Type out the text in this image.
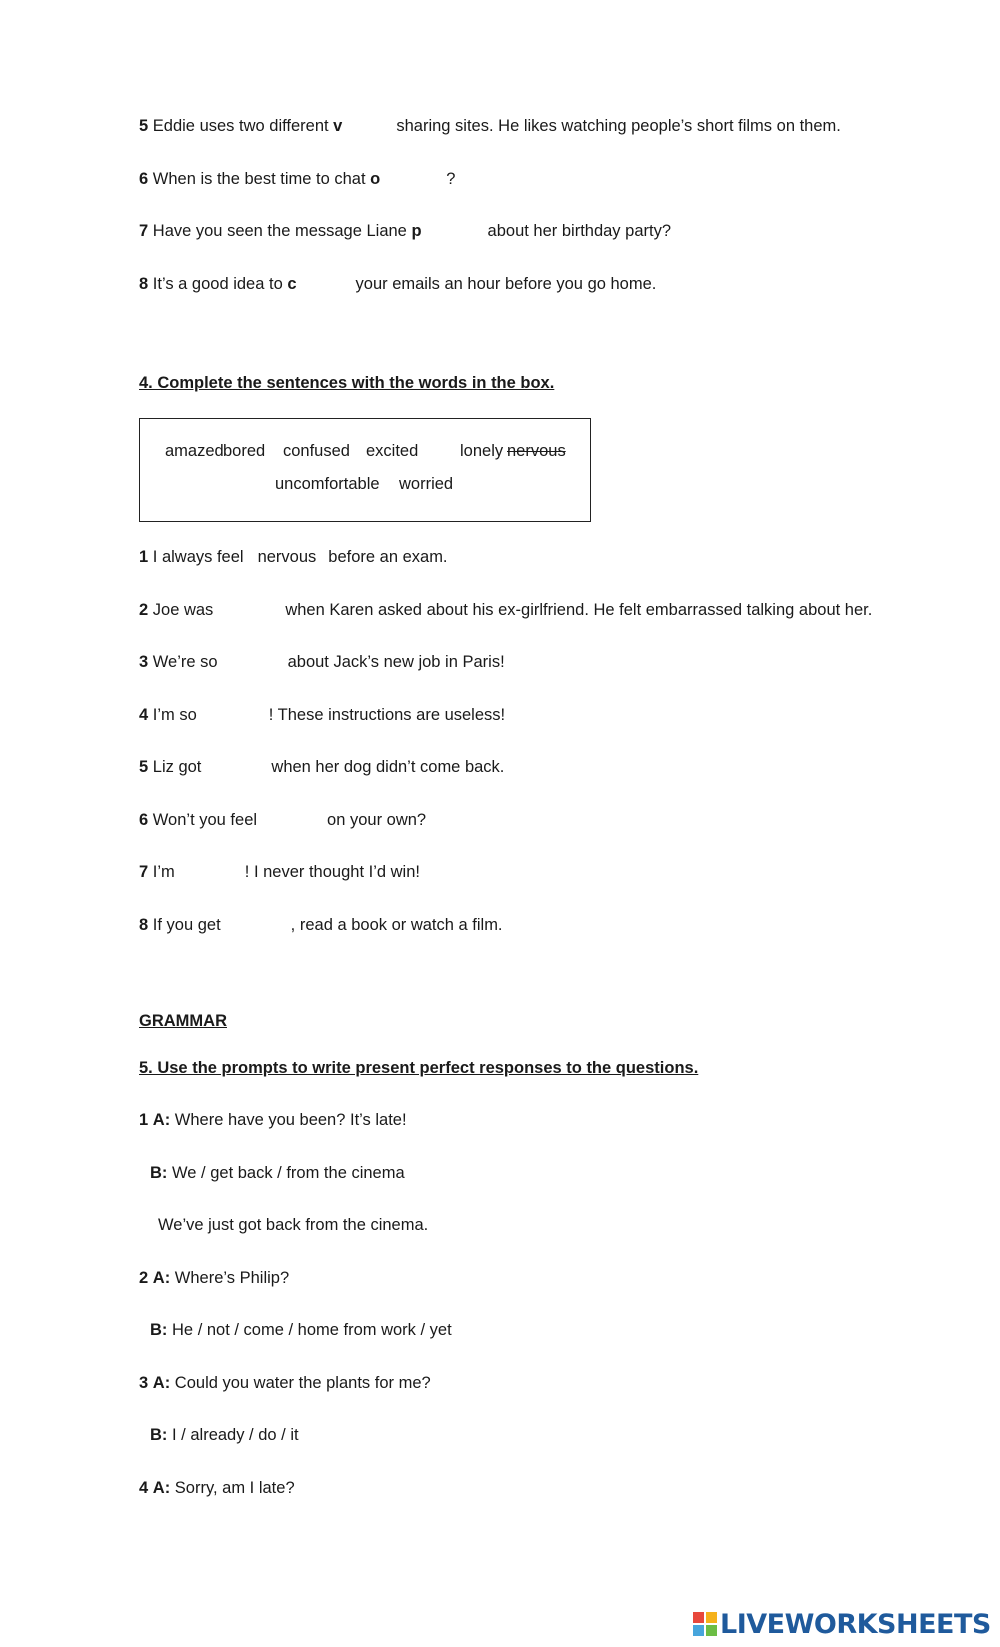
5 Eddie uses two different v	sharing sites. He likes watching people’s short films on them.
6 When is the best time to chat o	?
7 Have you seen the message Liane p	about her birthday party?
8 It’s a good idea to c	your emails an hour before you go home.
4. Complete the sentences with the words in the box.
amazed bored confused excited	lonely nervous
uncomfortable worried
1 I always feel nervous before an exam.
2 Joe was	when Karen asked about his ex-girlfriend. He felt embarrassed talking about her.
3 We’re so	about Jack’s new job in Paris!
4 I’m so	! These instructions are useless!
5 Liz got	when her dog didn’t come back.
6 Won’t you feel	on your own?
7 I’m	! I never thought I’d win!
8 If you get	, read a book or watch a film.
GRAMMAR
5. Use the prompts to write present perfect responses to the questions.
1 A: Where have you been? It’s late!
B: We / get back / from the cinema
We’ve just got back from the cinema.
2 A: Where’s Philip?
B: He / not / come / home from work / yet
3 A: Could you water the plants for me?
B: I / already / do / it
4 A: Sorry, am I late?
LIVEWORKSHEETS
